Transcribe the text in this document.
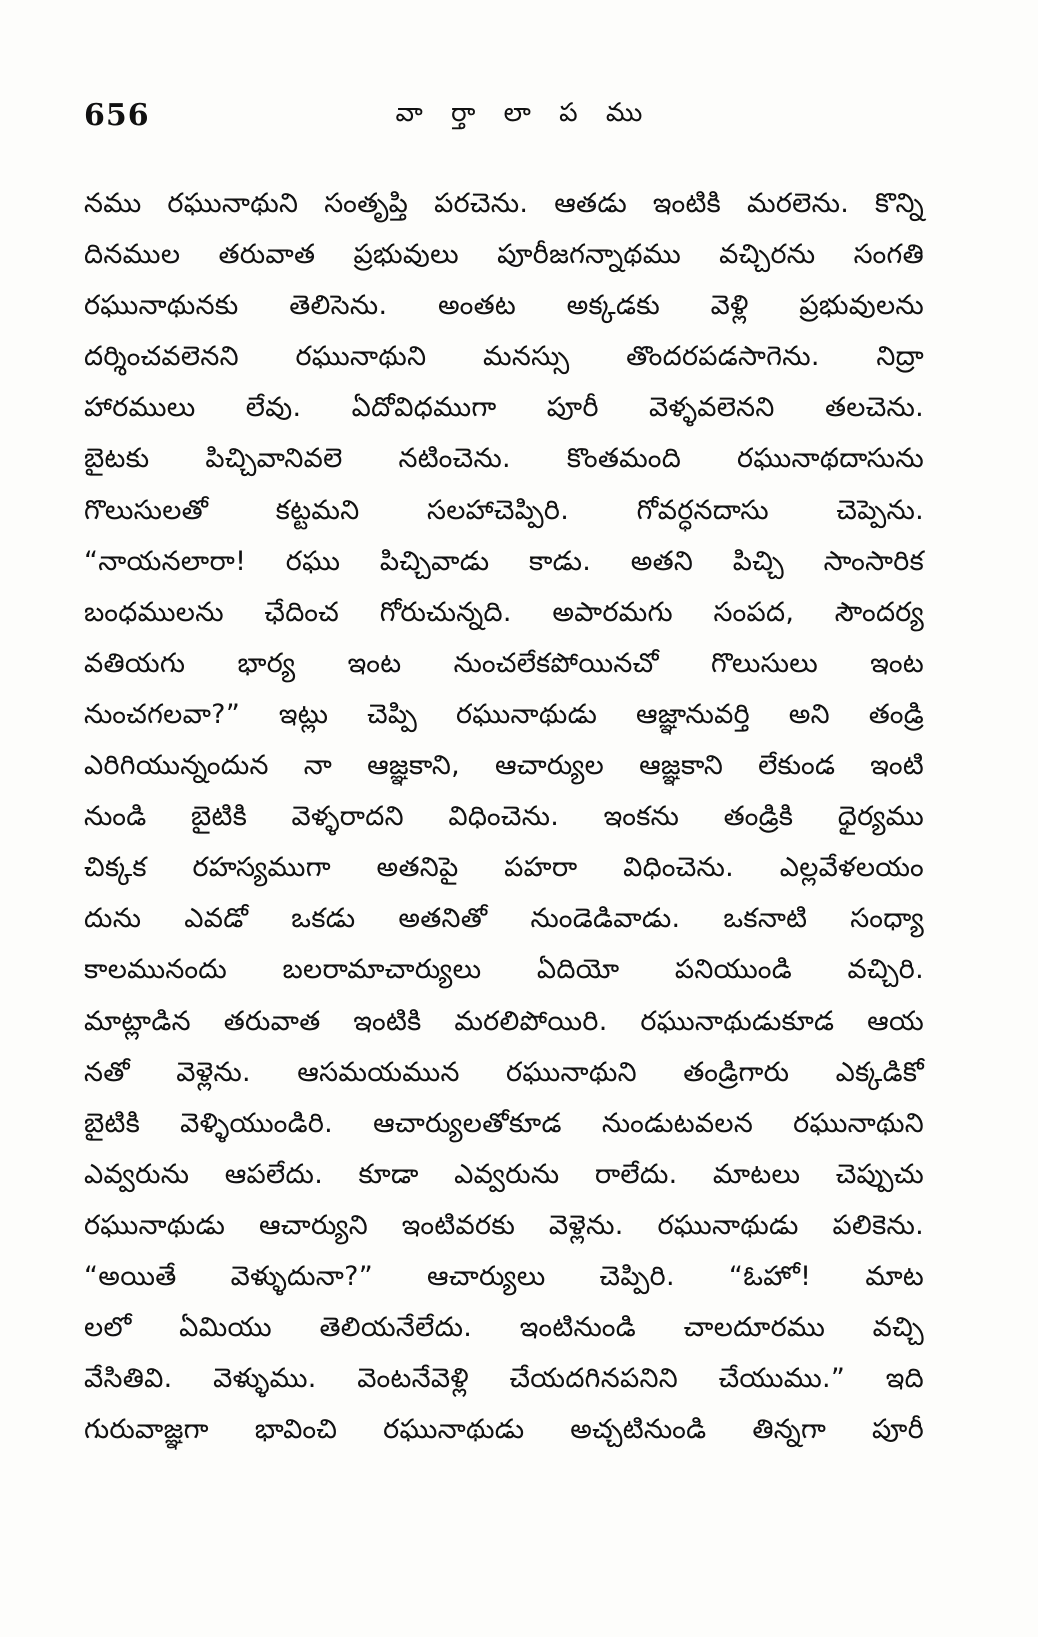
656	వా ర్తా లా ప ము
నము రఘునాథుని సంతృప్తి పరచెను. ఆతడు ఇంటికి మరలెను. కొన్ని
దినముల తరువాత ప్రభువులు పూరీజగన్నాథము వచ్చిరను సంగతి
రఘునాథునకు తెలిసెను. అంతట అక్కడకు వెళ్లి ప్రభువులను
దర్శించవలెనని రఘునాథుని మనస్సు తొందరపడసాగెను. నిద్రా
హారములు లేవు. ఏదోవిధముగా పూరీ వెళ్ళవలెనని తలచెను.
బైటకు పిచ్చివానివలె నటించెను. కొంతమంది రఘునాథదాసును
గొలుసులతో కట్టమని సలహాచెప్పిరి. గోవర్ధనదాసు చెప్పెను.
“నాయనలారా! రఘు పిచ్చివాడు కాడు. అతని పిచ్చి సాంసారిక
బంధములను ఛేదించ గోరుచున్నది. అపారమగు సంపద, సౌందర్య
వతియగు భార్య ఇంట నుంచలేకపోయినచో గొలుసులు ఇంట
నుంచగలవా?” ఇట్లు చెప్పి రఘునాథుడు ఆజ్ఞానువర్తి అని తండ్రి
ఎరిగియున్నందున నా ఆజ్ఞకాని, ఆచార్యుల ఆజ్ఞకాని లేకుండ ఇంటి
నుండి బైటికి వెళ్ళరాదని విధించెను. ఇంకను తండ్రికి ధైర్యము
చిక్కక రహస్యముగా అతనిపై పహరా విధించెను. ఎల్లవేళలయం
దును ఎవడో ఒకడు అతనితో నుండెడివాడు. ఒకనాటి సంధ్యా
కాలమునందు బలరామాచార్యులు ఏదియో పనియుండి వచ్చిరి.
మాట్లాడిన తరువాత ఇంటికి మరలిపోయిరి. రఘునాథుడుకూడ ఆయ
నతో వెళ్లెను. ఆసమయమున రఘునాథుని తండ్రిగారు ఎక్కడికో
బైటికి వెళ్ళియుండిరి. ఆచార్యులతోకూడ నుండుటవలన రఘునాథుని
ఎవ్వరును ఆపలేదు. కూడా ఎవ్వరును రాలేదు. మాటలు చెప్పుచు
రఘునాథుడు ఆచార్యుని ఇంటివరకు వెళ్లెను. రఘునాథుడు పలికెను.
“అయితే వెళ్ళుదునా?” ఆచార్యులు చెప్పిరి. “ఓహో! మాట
లలో ఏమియు తెలియనేలేదు. ఇంటినుండి చాలదూరము వచ్చి
వేసితివి. వెళ్ళుము. వెంటనేవెళ్లి చేయదగినపనిని చేయుము.” ఇది
గురువాజ్ఞగా భావించి రఘునాథుడు అచ్చటినుండి తిన్నగా పూరీ
